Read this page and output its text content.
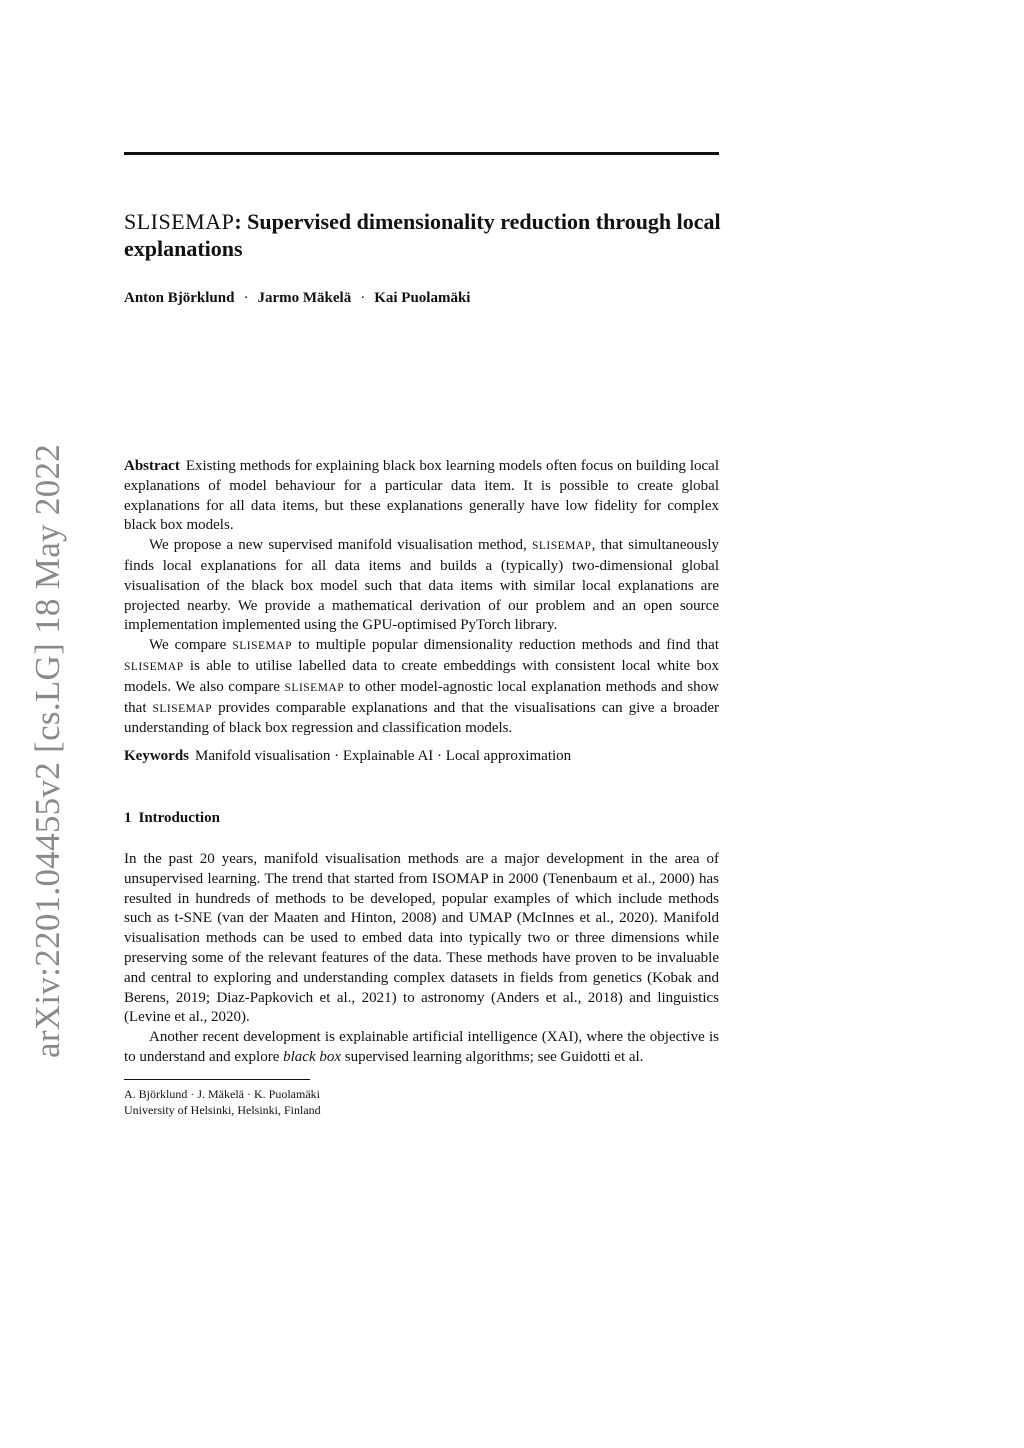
arXiv:2201.04455v2 [cs.LG] 18 May 2022
SLISEMAP: Supervised dimensionality reduction through local explanations
Anton Björklund · Jarmo Mäkelä · Kai Puolamäki

Abstract Existing methods for explaining black box learning models often focus on building local explanations of model behaviour for a particular data item. It is possible to create global explanations for all data items, but these explanations generally have low fidelity for complex black box models.

We propose a new supervised manifold visualisation method, SLISEMAP, that simultaneously finds local explanations for all data items and builds a (typically) two-dimensional global visualisation of the black box model such that data items with similar local explanations are projected nearby. We provide a mathematical derivation of our problem and an open source implementation implemented using the GPU-optimised PyTorch library.

We compare SLISEMAP to multiple popular dimensionality reduction methods and find that SLISEMAP is able to utilise labelled data to create embeddings with consistent local white box models. We also compare SLISEMAP to other model-agnostic local explanation methods and show that SLISEMAP provides comparable explanations and that the visualisations can give a broader understanding of black box regression and classification models.

Keywords Manifold visualisation · Explainable AI · Local approximation
1 Introduction

In the past 20 years, manifold visualisation methods are a major development in the area of unsupervised learning. The trend that started from ISOMAP in 2000 (Tenenbaum et al., 2000) has resulted in hundreds of methods to be developed, popular examples of which include methods such as t-SNE (van der Maaten and Hinton, 2008) and UMAP (McInnes et al., 2020). Manifold visualisation methods can be used to embed data into typically two or three dimensions while preserving some of the relevant features of the data. These methods have proven to be invaluable and central to exploring and understanding complex datasets in fields from genetics (Kobak and Berens, 2019; Diaz-Papkovich et al., 2021) to astronomy (Anders et al., 2018) and linguistics (Levine et al., 2020).

Another recent development is explainable artificial intelligence (XAI), where the objective is to understand and explore black box supervised learning algorithms; see Guidotti et al.

A. Björklund · J. Mäkelä · K. Puolamäki
University of Helsinki, Helsinki, Finland
